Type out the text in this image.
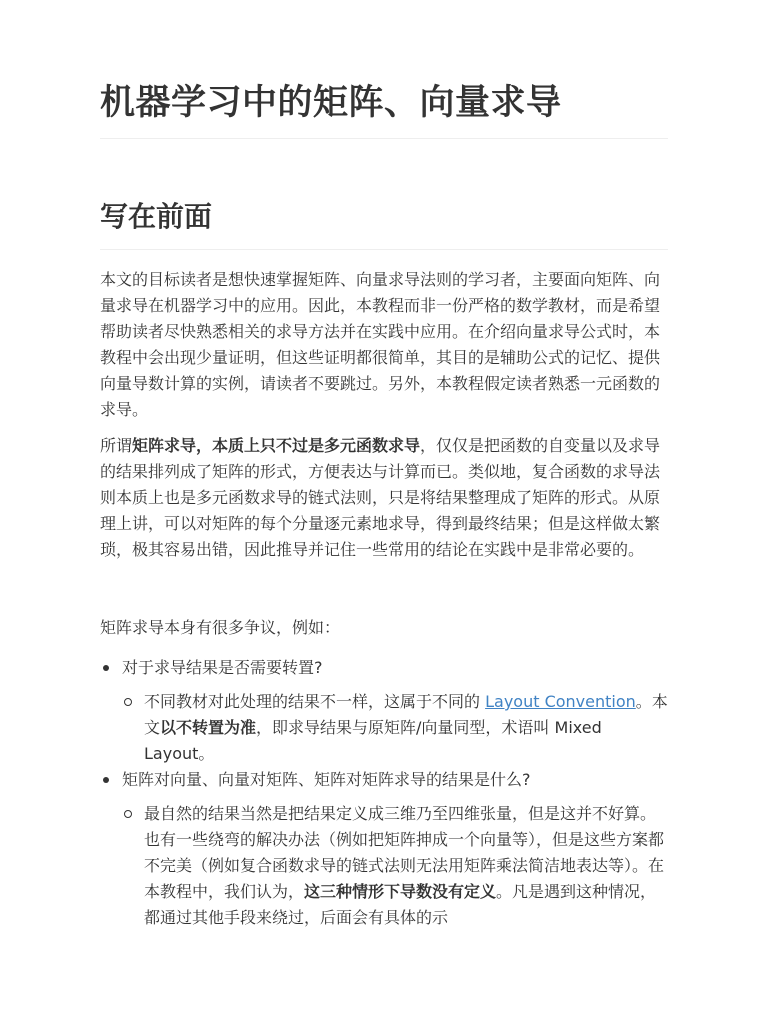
机器学习中的矩阵、向量求导
写在前面

本文的目标读者是想快速掌握矩阵、向量求导法则的学习者，主要面向矩阵、向量求导在机器学习中的应用。因此，本教程而非一份严格的数学教材，而是希望帮助读者尽快熟悉相关的求导方法并在实践中应用。在介绍向量求导公式时，本教程中会出现少量证明，但这些证明都很简单，其目的是辅助公式的记忆、提供向量导数计算的实例，请读者不要跳过。另外，本教程假定读者熟悉一元函数的求导。

所谓矩阵求导，本质上只不过是多元函数求导，仅仅是把函数的自变量以及求导的结果排列成了矩阵的形式，方便表达与计算而已。类似地，复合函数的求导法则本质上也是多元函数求导的链式法则，只是将结果整理成了矩阵的形式。从原理上讲，可以对矩阵的每个分量逐元素地求导，得到最终结果；但是这样做太繁琐，极其容易出错，因此推导并记住一些常用的结论在实践中是非常必要的。

矩阵求导本身有很多争议，例如：

对于求导结果是否需要转置?
不同教材对此处理的结果不一样，这属于不同的 Layout Convention。本文以不转置为准，即求导结果与原矩阵/向量同型，术语叫 Mixed Layout。
矩阵对向量、向量对矩阵、矩阵对矩阵求导的结果是什么?
最自然的结果当然是把结果定义成三维乃至四维张量，但是这并不好算。也有一些绕弯的解决办法（例如把矩阵抻成一个向量等），但是这些方案都不完美（例如复合函数求导的链式法则无法用矩阵乘法简洁地表达等）。在本教程中，我们认为，这三种情形下导数没有定义。凡是遇到这种情况，都通过其他手段来绕过，后面会有具体的示
